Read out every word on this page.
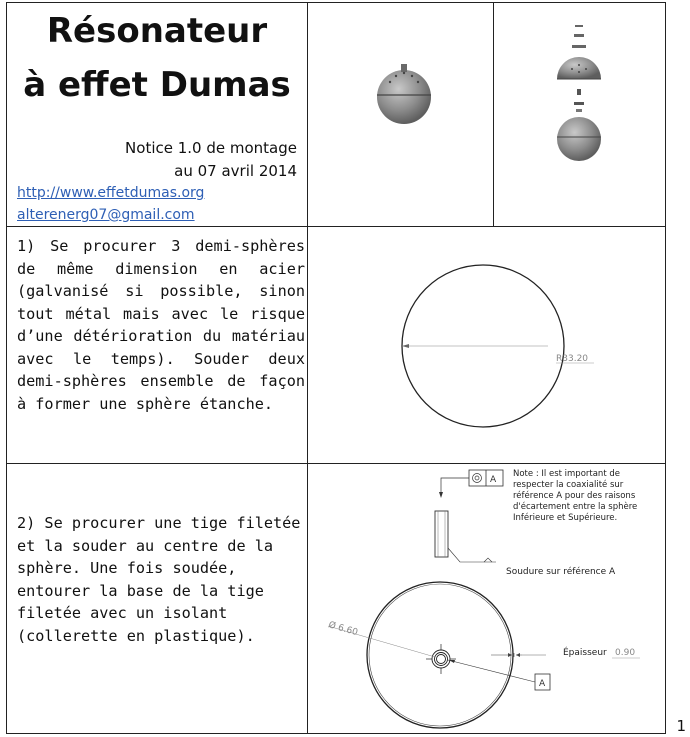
Résonateur
à effet Dumas
Notice 1.0 de montage
au 07 avril 2014
http://www.effetdumas.org
alterenerg07@gmail.com
1) Se procurer 3 demi-sphères de même dimension en acier (galvanisé si possible, sinon tout métal mais avec le risque d’une détérioration du matériau avec le temps). Souder deux demi-sphères ensemble de façon à former une sphère étanche.
R33.20
2) Se procurer une tige filetée et la souder au centre de la sphère. Une fois soudée, entourer la base de la tige filetée avec un isolant (collerette en plastique).
A
Note : Il est important de respecter la coaxialité sur référence A pour des raisons d'écartement entre la sphère Inférieure et Supérieure.
Soudure sur référence A
Ø 6.60
A
Épaisseur 0.90
1
